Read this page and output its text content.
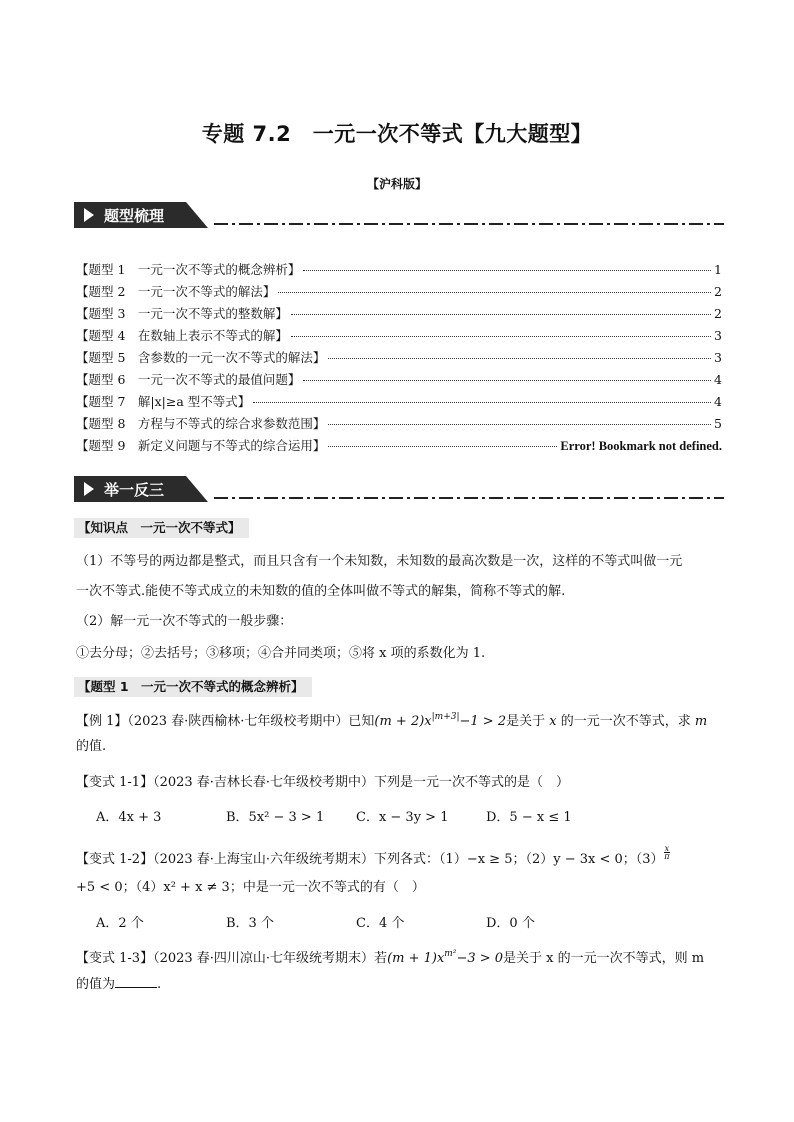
专题 7.2　一元一次不等式【九大题型】
【沪科版】
题型梳理
【题型 1　一元一次不等式的概念辨析】	1
【题型 2　一元一次不等式的解法】	2
【题型 3　一元一次不等式的整数解】	2
【题型 4　在数轴上表示不等式的解】	3
【题型 5　含参数的一元一次不等式的解法】	3
【题型 6　一元一次不等式的最值问题】	4
【题型 7　解|x|≥a 型不等式】	4
【题型 8　方程与不等式的综合求参数范围】	5
【题型 9　新定义问题与不等式的综合运用】	Error! Bookmark not defined.
举一反三
【知识点　一元一次不等式】
（1）不等号的两边都是整式，而且只含有一个未知数，未知数的最高次数是一次，这样的不等式叫做一元
一次不等式.能使不等式成立的未知数的值的全体叫做不等式的解集，简称不等式的解.
（2）解一元一次不等式的一般步骤：
①去分母；②去括号；③移项；④合并同类项；⑤将 x 项的系数化为 1.
【题型 1　一元一次不等式的概念辨析】
【例 1】（2023 春·陕西榆林·七年级校考期中）已知$(m + 2)x^{|m+3|}-1 > 2$是关于 x 的一元一次不等式，求 m
的值.
【变式 1-1】（2023 春·吉林长春·七年级校考期中）下列是一元一次不等式的是（　）
A．4x + 3	B．5x² − 3 > 1	C．x − 3y > 1	D．5 − x ≤ 1
【变式 1-2】（2023 春·上海宝山·六年级统考期末）下列各式：（1）−x ≥ 5；（2）y − 3x < 0；$(3) \frac{x}{\pi}$
+5 < 0；（4）x² + x ≠ 3；中是一元一次不等式的有（　）
A．2 个	B．3 个	C．4 个	D．0 个
【变式 1-3】（2023 春·四川凉山·七年级统考期末）若$(m + 1)x^{m^2}-3 > 0$是关于 x 的一元一次不等式，则 m
的值为	.
